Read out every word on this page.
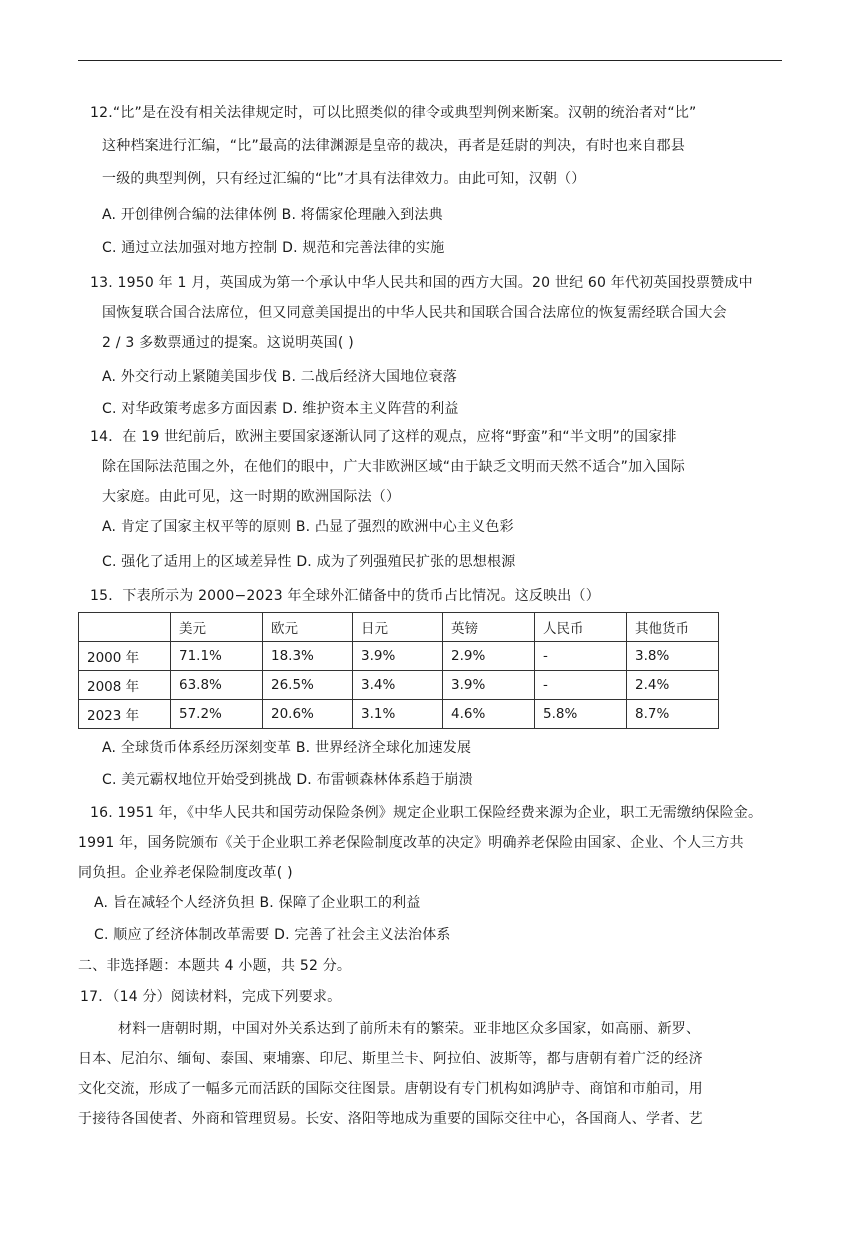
12.“比”是在没有相关法律规定时，可以比照类似的律令或典型判例来断案。汉朝的统治者对“比”
这种档案进行汇编，“比”最高的法律渊源是皇帝的裁决，再者是廷尉的判决，有时也来自郡县
一级的典型判例，只有经过汇编的“比”才具有法律效力。由此可知，汉朝（）
A. 开创律例合编的法律体例 B. 将儒家伦理融入到法典
C. 通过立法加强对地方控制 D. 规范和完善法律的实施
13. 1950 年 1 月，英国成为第一个承认中华人民共和国的西方大国。20 世纪 60 年代初英国投票赞成中
国恢复联合国合法席位，但又同意美国提出的中华人民共和国联合国合法席位的恢复需经联合国大会
2 / 3 多数票通过的提案。这说明英国( )
A. 外交行动上紧随美国步伐 B. 二战后经济大国地位衰落
C. 对华政策考虑多方面因素 D. 维护资本主义阵营的利益
14．在 19 世纪前后，欧洲主要国家逐渐认同了这样的观点，应将“野蛮”和“半文明”的国家排
除在国际法范围之外，在他们的眼中，广大非欧洲区域“由于缺乏文明而天然不适合”加入国际
大家庭。由此可见，这一时期的欧洲国际法（）
A. 肯定了国家主权平等的原则 B. 凸显了强烈的欧洲中心主义色彩
C. 强化了适用上的区域差异性 D. 成为了列强殖民扩张的思想根源
15．下表所示为 2000−2023 年全球外汇储备中的货币占比情况。这反映出（）
	美元	欧元	日元	英镑	人民币	其他货币
2000 年	71.1%	18.3%	3.9%	2.9%	-	3.8%
2008 年	63.8%	26.5%	3.4%	3.9%	-	2.4%
2023 年	57.2%	20.6%	3.1%	4.6%	5.8%	8.7%
A. 全球货币体系经历深刻变革 B. 世界经济全球化加速发展
C. 美元霸权地位开始受到挑战 D. 布雷顿森林体系趋于崩溃
16. 1951 年，《中华人民共和国劳动保险条例》规定企业职工保险经费来源为企业，职工无需缴纳保险金。
1991 年，国务院颁布《关于企业职工养老保险制度改革的决定》明确养老保险由国家、企业、个人三方共
同负担。企业养老保险制度改革( )
A. 旨在减轻个人经济负担 B. 保障了企业职工的利益
C. 顺应了经济体制改革需要 D. 完善了社会主义法治体系
二、非选择题：本题共 4 小题，共 52 分。
17．（14 分）阅读材料，完成下列要求。
材料一唐朝时期，中国对外关系达到了前所未有的繁荣。亚非地区众多国家，如高丽、新罗、
日本、尼泊尔、缅甸、泰国、柬埔寨、印尼、斯里兰卡、阿拉伯、波斯等，都与唐朝有着广泛的经济
文化交流，形成了一幅多元而活跃的国际交往图景。唐朝设有专门机构如鸿胪寺、商馆和市舶司，用
于接待各国使者、外商和管理贸易。长安、洛阳等地成为重要的国际交往中心，各国商人、学者、艺
